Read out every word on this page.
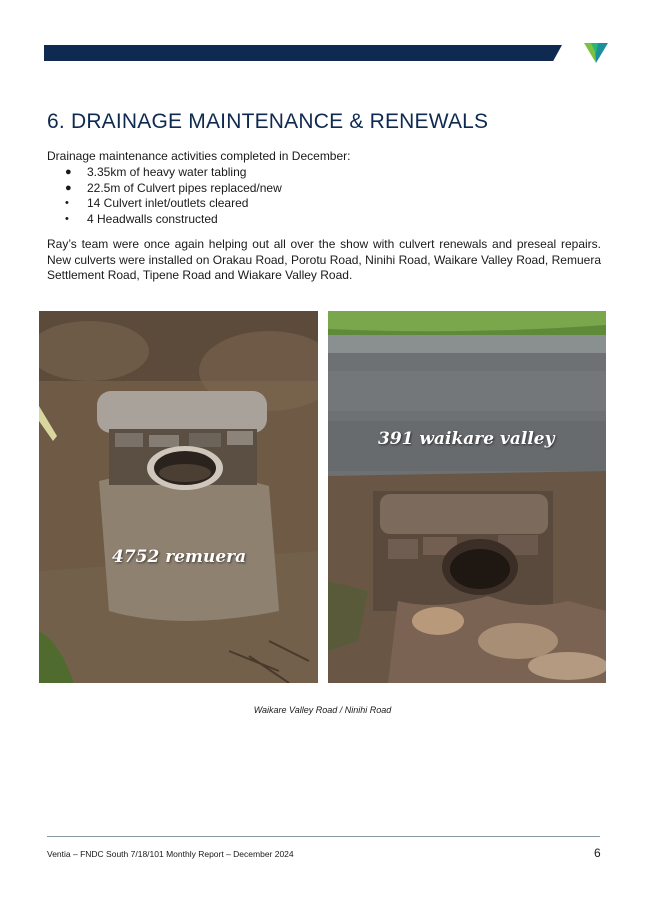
6. DRAINAGE MAINTENANCE & RENEWALS

Drainage maintenance activities completed in December:

● 3.35km of heavy water tabling
● 22.5m of Culvert pipes replaced/new
• 14 Culvert inlet/outlets cleared
• 4 Headwalls constructed

Ray’s team were once again helping out all over the show with culvert renewals and preseal repairs. New culverts were installed on Orakau Road, Porotu Road, Ninihi Road, Waikare Valley Road, Remuera Settlement Road, Tipene Road and Wiakare Valley Road.

4752 remuera
391 waikare valley

Waikare Valley Road / Ninihi Road

Ventia – FNDC South 7/18/101 Monthly Report – December 2024	6
